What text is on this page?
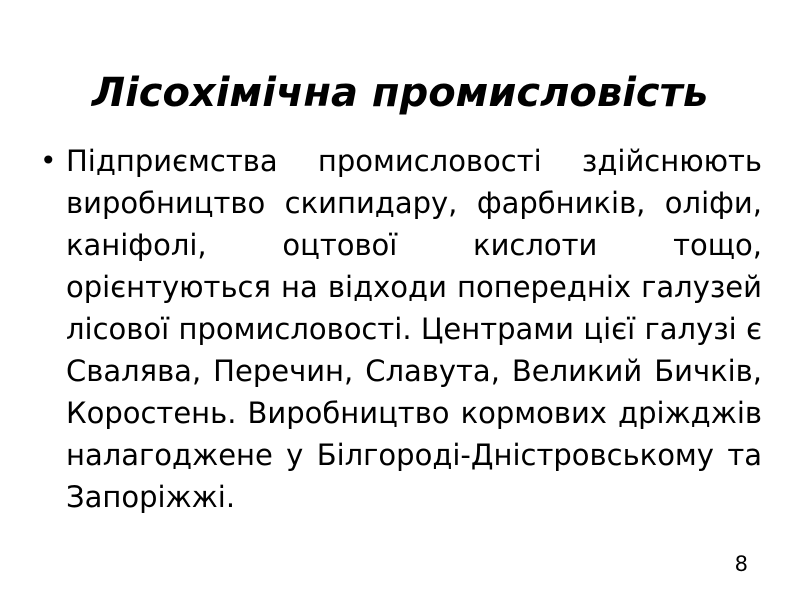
Лісохімічна промисловість
• Підприємства промисловості здійснюють виробництво скипидару, фарбників, оліфи, каніфолі, оцтової кислоти тощо, орієнтуються на відходи попередніх галузей лісової промисловості. Центрами цієї галузі є Свалява, Перечин, Славута, Великий Бичків, Коростень. Виробництво кормових дріжджів налагоджене у Білгороді-Дністровському та Запоріжжі.
8
